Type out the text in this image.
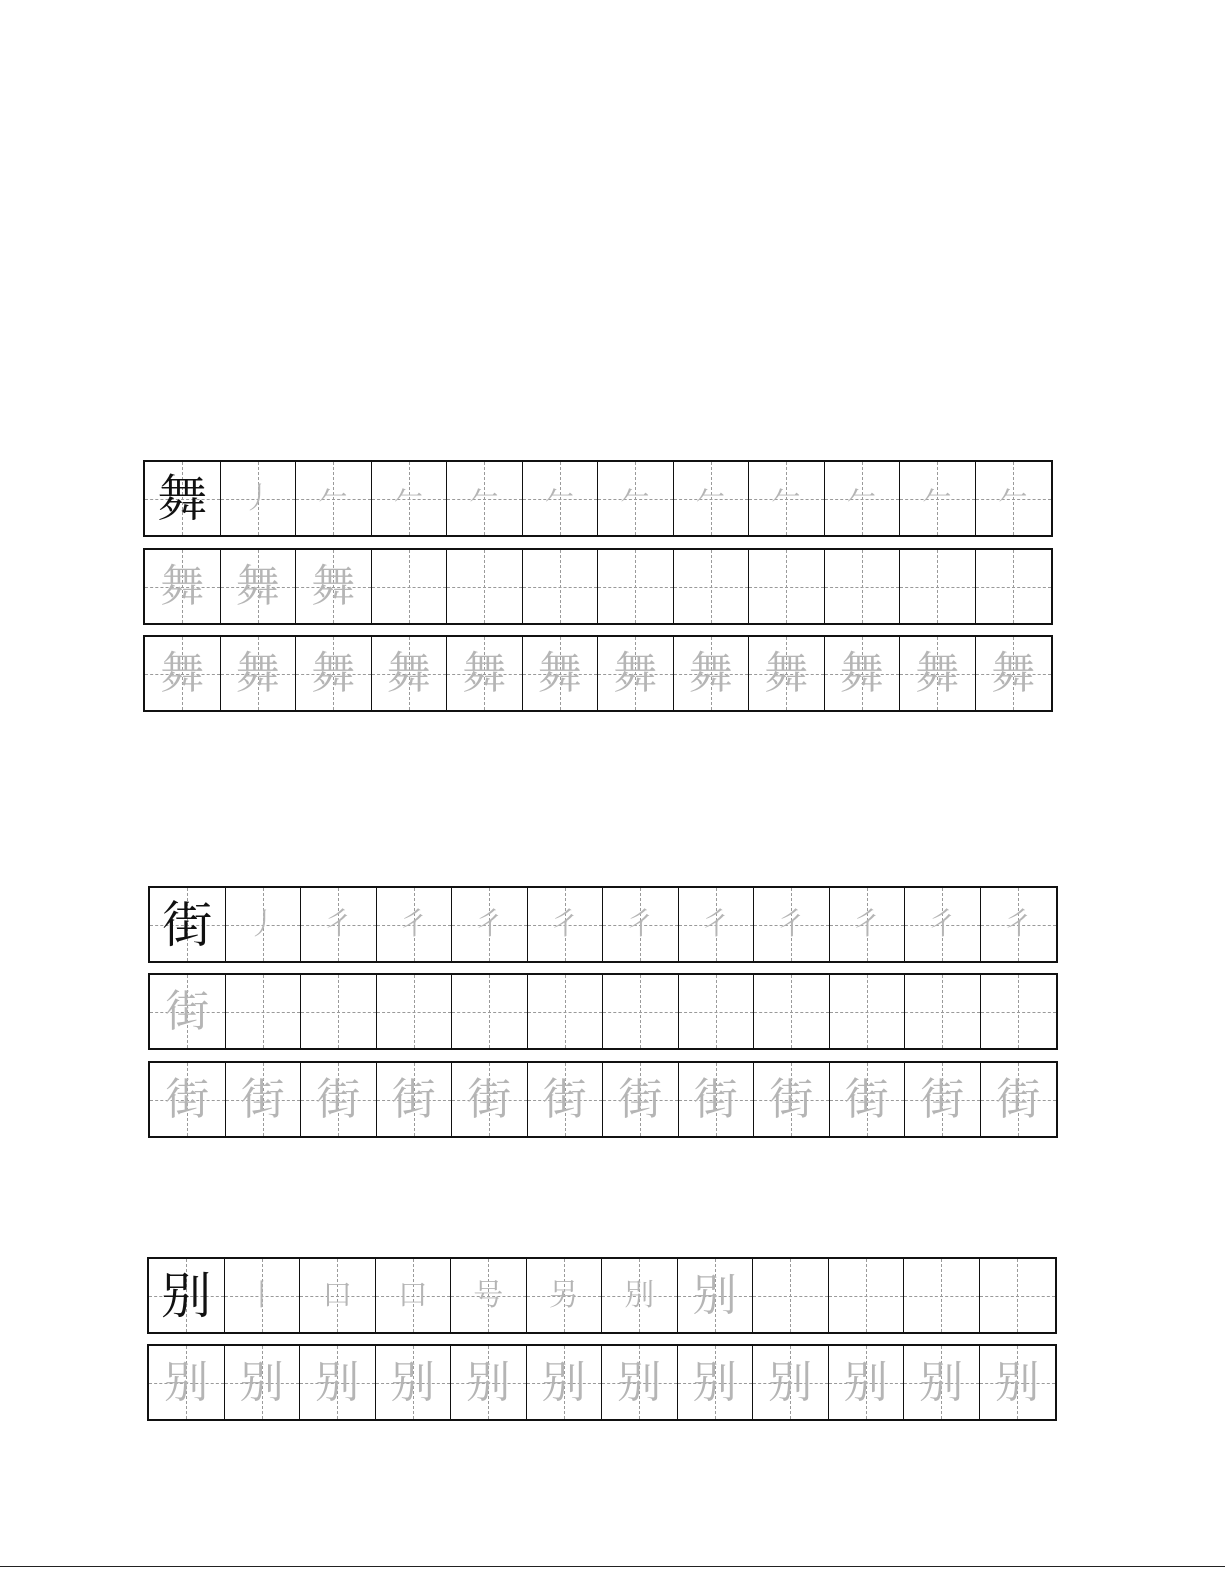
舞	丿	𠂉	𠂉	𠂉	𠂉	𠂉	𠂉	𠂉	𠂉	𠂉	𠂉
舞 舞 舞
舞 舞 舞 舞 舞 舞 舞 舞 舞 舞 舞 舞
街	丿	彳	彳	彳	彳	彳	彳	彳	彳	彳	彳
街
街 街 街 街 街 街 街 街 街 街 街 街
别	丨	口	口	号	另	別 别
别 别 别 别 别 别 别 别 别 别 别 别
